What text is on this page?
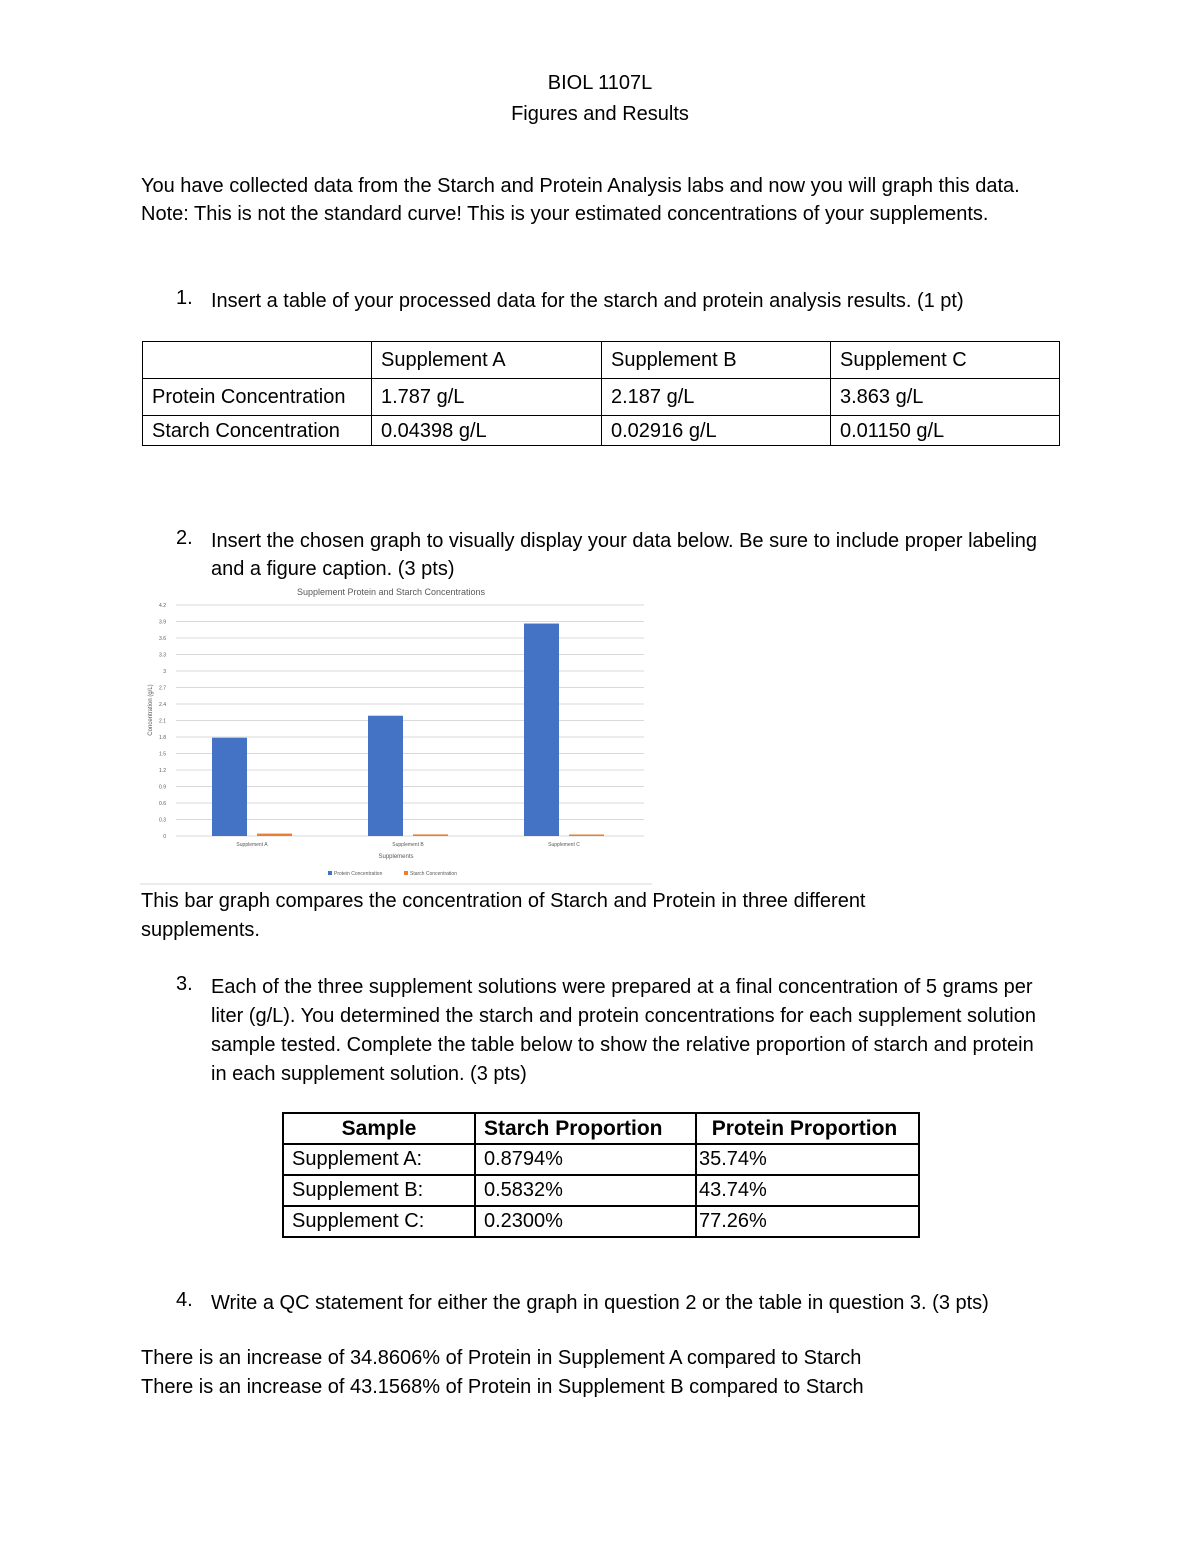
BIOL 1107L
Figures and Results
You have collected data from the Starch and Protein Analysis labs and now you will graph this data. Note: This is not the standard curve! This is your estimated concentrations of your supplements.
1. Insert a table of your processed data for the starch and protein analysis results. (1 pt)
	Supplement A	Supplement B	Supplement C
Protein Concentration	1.787 g/L	2.187 g/L	3.863 g/L
Starch Concentration	0.04398 g/L	0.02916 g/L	0.01150 g/L
2. Insert the chosen graph to visually display your data below. Be sure to include proper labeling and a figure caption. (3 pts)
Supplement Protein and Starch Concentrations
0
0.3
0.6
0.9
1.2
1.5
1.8
2.1
2.4
2.7
3
3.3
3.6
3.9
4.2
Supplement A	Supplement B	Supplement C
Concentration (g/L)
Supplements
Protein Concentration	Starch Concentration
This bar graph compares the concentration of Starch and Protein in three different supplements.
3. Each of the three supplement solutions were prepared at a final concentration of 5 grams per liter (g/L). You determined the starch and protein concentrations for each supplement solution sample tested. Complete the table below to show the relative proportion of starch and protein in each supplement solution. (3 pts)
Sample	Starch Proportion	Protein Proportion
Supplement A:	0.8794%	35.74%
Supplement B:	0.5832%	43.74%
Supplement C:	0.2300%	77.26%
4. Write a QC statement for either the graph in question 2 or the table in question 3. (3 pts)
There is an increase of 34.8606% of Protein in Supplement A compared to Starch
There is an increase of 43.1568% of Protein in Supplement B compared to Starch
